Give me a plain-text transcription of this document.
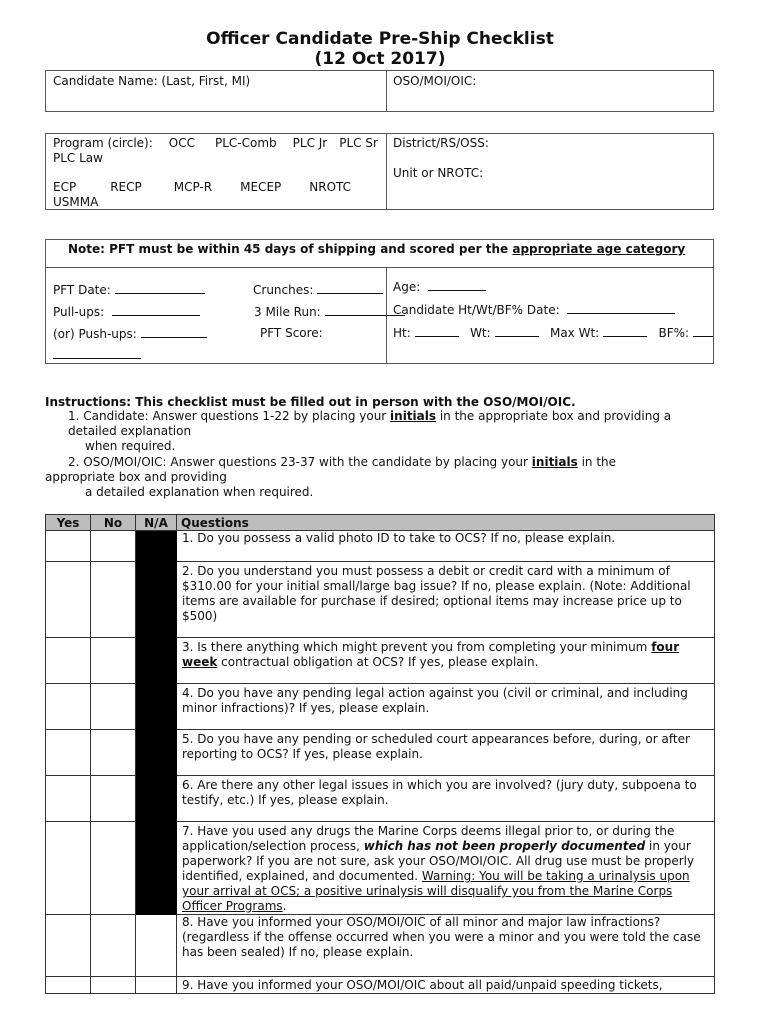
Officer Candidate Pre-Ship Checklist
(12 Oct 2017)
Candidate Name: (Last, First, MI)	OSO/MOI/OIC:
Program (circle): OCC PLC-Comb PLC Jr PLC Sr
PLC Law
ECP	RECP	MCP-R MECEP NROTC
USMMA
District/RS/OSS:
Unit or NROTC:
Note: PFT must be within 45 days of shipping and scored per the appropriate age category
PFT Date:
Pull-ups:
(or) Push-ups:
Crunches:
3 Mile Run:
PFT Score:
Age:
Candidate Ht/Wt/BF% Date:
Ht:	Wt:	Max Wt:	BF%:
Instructions: This checklist must be filled out in person with the OSO/MOI/OIC.
1. Candidate: Answer questions 1-22 by placing your initials in the appropriate box and providing a
detailed explanation
when required.
2. OSO/MOI/OIC: Answer questions 23-37 with the candidate by placing your initials in the
appropriate box and providing
a detailed explanation when required.
Yes	No	N/A	Questions
			1. Do you possess a valid photo ID to take to OCS? If no, please explain.
			2. Do you understand you must possess a debit or credit card with a minimum of $310.00 for your initial small/large bag issue? If no, please explain. (Note: Additional items are available for purchase if desired; optional items may increase price up to $500)
			3. Is there anything which might prevent you from completing your minimum four week contractual obligation at OCS? If yes, please explain.
			4. Do you have any pending legal action against you (civil or criminal, and including minor infractions)? If yes, please explain.
			5. Do you have any pending or scheduled court appearances before, during, or after reporting to OCS? If yes, please explain.
			6. Are there any other legal issues in which you are involved? (jury duty, subpoena to testify, etc.) If yes, please explain.
			7. Have you used any drugs the Marine Corps deems illegal prior to, or during the application/selection process, which has not been properly documented in your paperwork? If you are not sure, ask your OSO/MOI/OIC. All drug use must be properly identified, explained, and documented. Warning: You will be taking a urinalysis upon your arrival at OCS; a positive urinalysis will disqualify you from the Marine Corps Officer Programs.
			8. Have you informed your OSO/MOI/OIC of all minor and major law infractions? (regardless if the offense occurred when you were a minor and you were told the case has been sealed) If no, please explain.
			9. Have you informed your OSO/MOI/OIC about all paid/unpaid speeding tickets,
